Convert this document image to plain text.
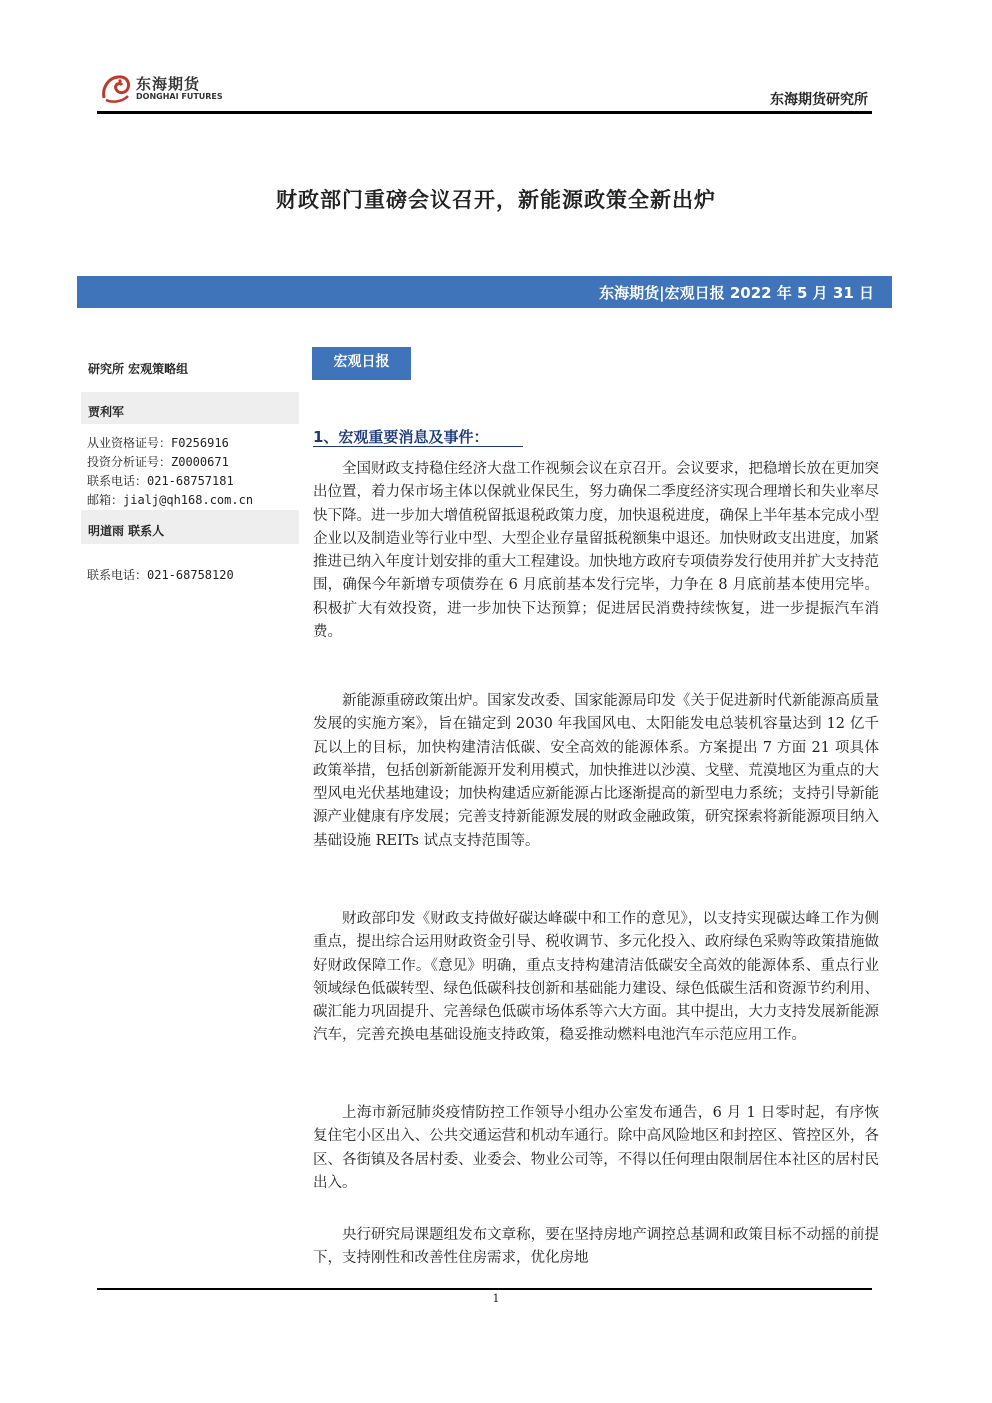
东海期货
DONGHAI FUTURES	东海期货研究所
财政部门重磅会议召开，新能源政策全新出炉
东海期货|宏观日报 2022 年 5 月 31 日
研究所 宏观策略组
贾利军
从业资格证号：F0256916
投资分析证号：Z0000671
联系电话：021-68757181
邮箱：jialj@qh168.com.cn
明道雨 联系人
联系电话：021-68758120
宏观日报
1、宏观重要消息及事件：

全国财政支持稳住经济大盘工作视频会议在京召开。会议要求，把稳增长放在更加突出位置，着力保市场主体以保就业保民生，努力确保二季度经济实现合理增长和失业率尽快下降。进一步加大增值税留抵退税政策力度，加快退税进度，确保上半年基本完成小型企业以及制造业等行业中型、大型企业存量留抵税额集中退还。加快财政支出进度，加紧推进已纳入年度计划安排的重大工程建设。加快地方政府专项债券发行使用并扩大支持范围，确保今年新增专项债券在 6 月底前基本发行完毕，力争在 8 月底前基本使用完毕。积极扩大有效投资，进一步加快下达预算；促进居民消费持续恢复，进一步提振汽车消费。

新能源重磅政策出炉。国家发改委、国家能源局印发《关于促进新时代新能源高质量发展的实施方案》，旨在锚定到 2030 年我国风电、太阳能发电总装机容量达到 12 亿千瓦以上的目标，加快构建清洁低碳、安全高效的能源体系。方案提出 7 方面 21 项具体政策举措，包括创新新能源开发利用模式，加快推进以沙漠、戈壁、荒漠地区为重点的大型风电光伏基地建设；加快构建适应新能源占比逐渐提高的新型电力系统；支持引导新能源产业健康有序发展；完善支持新能源发展的财政金融政策，研究探索将新能源项目纳入基础设施 REITs 试点支持范围等。

财政部印发《财政支持做好碳达峰碳中和工作的意见》，以支持实现碳达峰工作为侧重点，提出综合运用财政资金引导、税收调节、多元化投入、政府绿色采购等政策措施做好财政保障工作。《意见》明确，重点支持构建清洁低碳安全高效的能源体系、重点行业领域绿色低碳转型、绿色低碳科技创新和基础能力建设、绿色低碳生活和资源节约利用、碳汇能力巩固提升、完善绿色低碳市场体系等六大方面。其中提出，大力支持发展新能源汽车，完善充换电基础设施支持政策，稳妥推动燃料电池汽车示范应用工作。

上海市新冠肺炎疫情防控工作领导小组办公室发布通告，6 月 1 日零时起，有序恢复住宅小区出入、公共交通运营和机动车通行。除中高风险地区和封控区、管控区外，各区、各街镇及各居村委、业委会、物业公司等，不得以任何理由限制居住本社区的居村民出入。

央行研究局课题组发布文章称，要在坚持房地产调控总基调和政策目标不动摇的前提下，支持刚性和改善性住房需求，优化房地

1
